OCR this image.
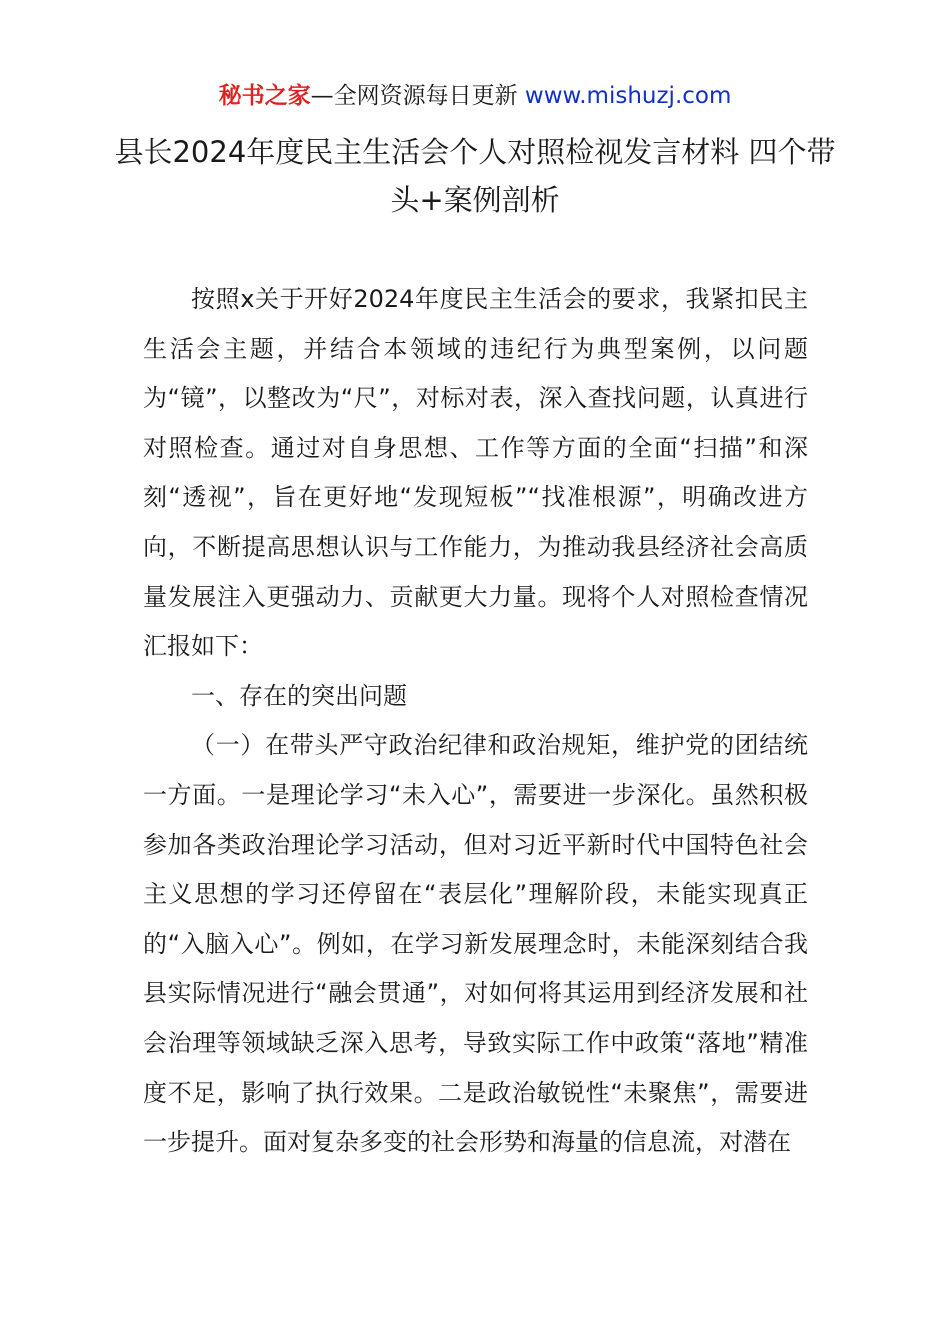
秘书之家—全网资源每日更新 www.mishuzj.com
县长2024年度民主生活会个人对照检视发言材料 四个带头+案例剖析

按照x关于开好2024年度民主生活会的要求，我紧扣民主生活会主题，并结合本领域的违纪行为典型案例，以问题为“镜”，以整改为“尺”，对标对表，深入查找问题，认真进行对照检查。通过对自身思想、工作等方面的全面“扫描”和深刻“透视”，旨在更好地“发现短板”“找准根源”，明确改进方向，不断提高思想认识与工作能力，为推动我县经济社会高质量发展注入更强动力、贡献更大力量。现将个人对照检查情况汇报如下：

一、存在的突出问题

（一）在带头严守政治纪律和政治规矩，维护党的团结统一方面。一是理论学习“未入心”，需要进一步深化。虽然积极参加各类政治理论学习活动，但对习近平新时代中国特色社会主义思想的学习还停留在“表层化”理解阶段，未能实现真正的“入脑入心”。例如，在学习新发展理念时，未能深刻结合我县实际情况进行“融会贯通”，对如何将其运用到经济发展和社会治理等领域缺乏深入思考，导致实际工作中政策“落地”精准度不足，影响了执行效果。二是政治敏锐性“未聚焦”，需要进一步提升。面对复杂多变的社会形势和海量的信息流，对潜在
